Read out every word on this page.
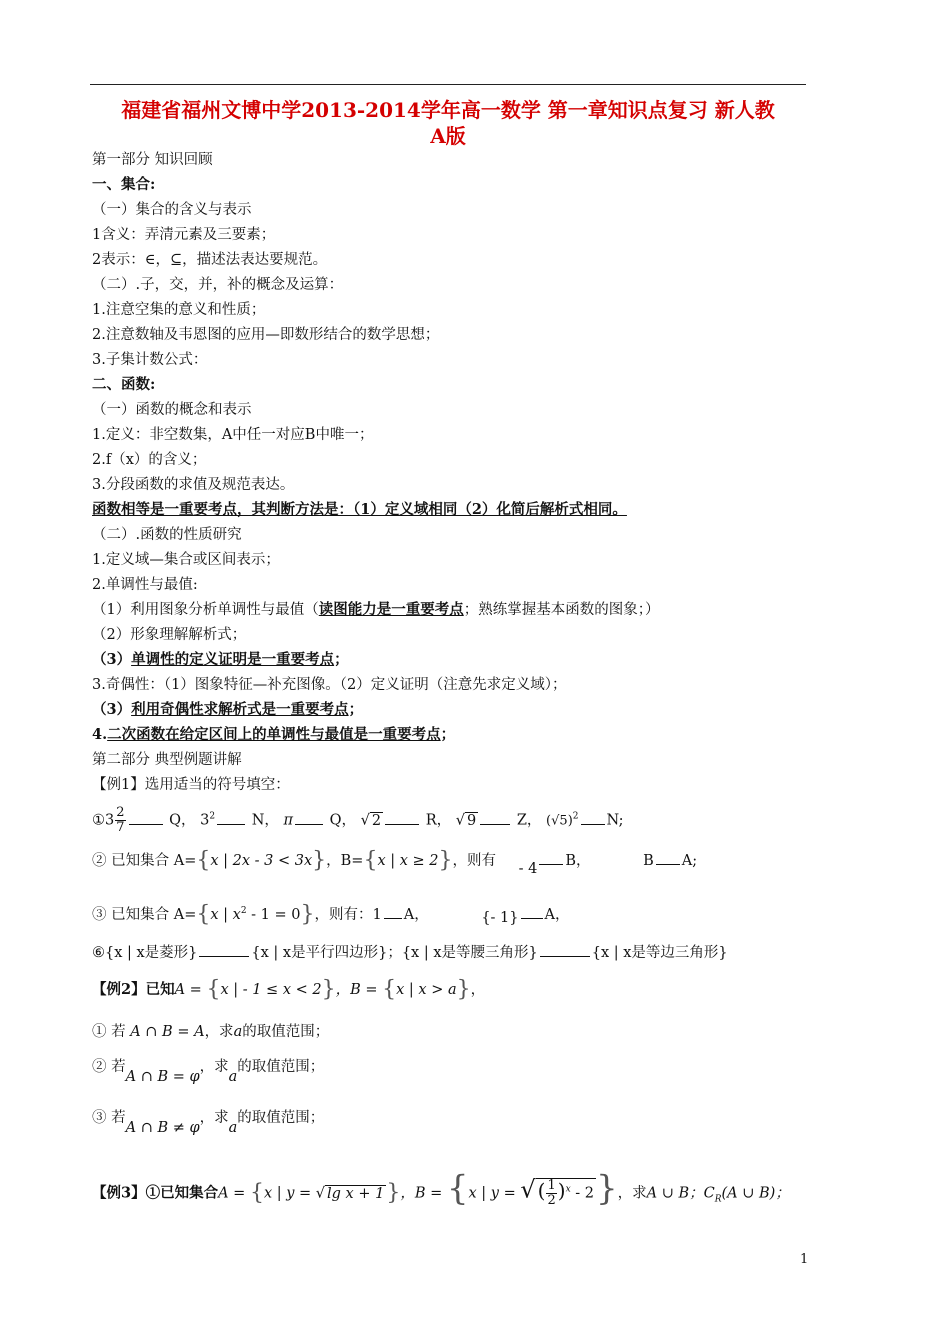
福建省福州文博中学2013-2014学年高一数学 第一章知识点复习 新人教
A版
第一部分 知识回顾
一、集合:
（一）集合的含义与表示
1含义：弄清元素及三要素；
2表示：∈，⊆，描述法表达要规范。
（二）.子，交，并，补的概念及运算：
1.注意空集的意义和性质；
2.注意数轴及韦恩图的应用—即数形结合的数学思想；
3.子集计数公式：
二、函数:
（一）函数的概念和表示
1.定义：非空数集，A中任一对应B中唯一；
2.f（x）的含义；
3.分段函数的求值及规范表达。
函数相等是一重要考点，其判断方法是：（1）定义域相同（2）化简后解析式相同。
（二）.函数的性质研究
1.定义域—集合或区间表示；
2.单调性与最值:
（1）利用图象分析单调性与最值（读图能力是一重要考点；熟练掌握基本函数的图象；）
（2）形象理解解析式；
（3）单调性的定义证明是一重要考点；
3.奇偶性：（1）图象特征—补充图像。（2）定义证明（注意先求定义域）；
（3）利用奇偶性求解析式是一重要考点；
4.二次函数在给定区间上的单调性与最值是一重要考点；
第二部分 典型例题讲解
【例1】选用适当的符号填空：
①3 $\frac{2}{7}$	Q， $3^2$	N， π	Q， √ 2	R， √ 9	Z， $(√5)^2$ N;
② 已知集合 A={x | 2x - 3 < 3x}，B={x | x ≥ 2}，则有 - 4 B，	B A;
③ 已知集合 A={x | $x^2 - 1 = 0$}，则有：1 A，	{- 1} A，
⑥{x | x是菱形}	{x | x是平行四边形}；{x | x是等腰三角形}	{x | x是等边三角形}
【例2】已知A = {x | - 1 ≤ x < 2}，B = {x | x > a}，
① 若 A ∩ B = A，求a的取值范围；
② 若A ∩ B = φ，求a的取值范围；
③ 若A ∩ B ≠ φ，求a的取值范围；
【例3】①已知集合A = {x | y = √ lg x + 1}，B = {x | y = √ ( $\frac{1}{2} )^x - 2$}，求A ∪ B；$C_R(A$ ∪ B)；
1
